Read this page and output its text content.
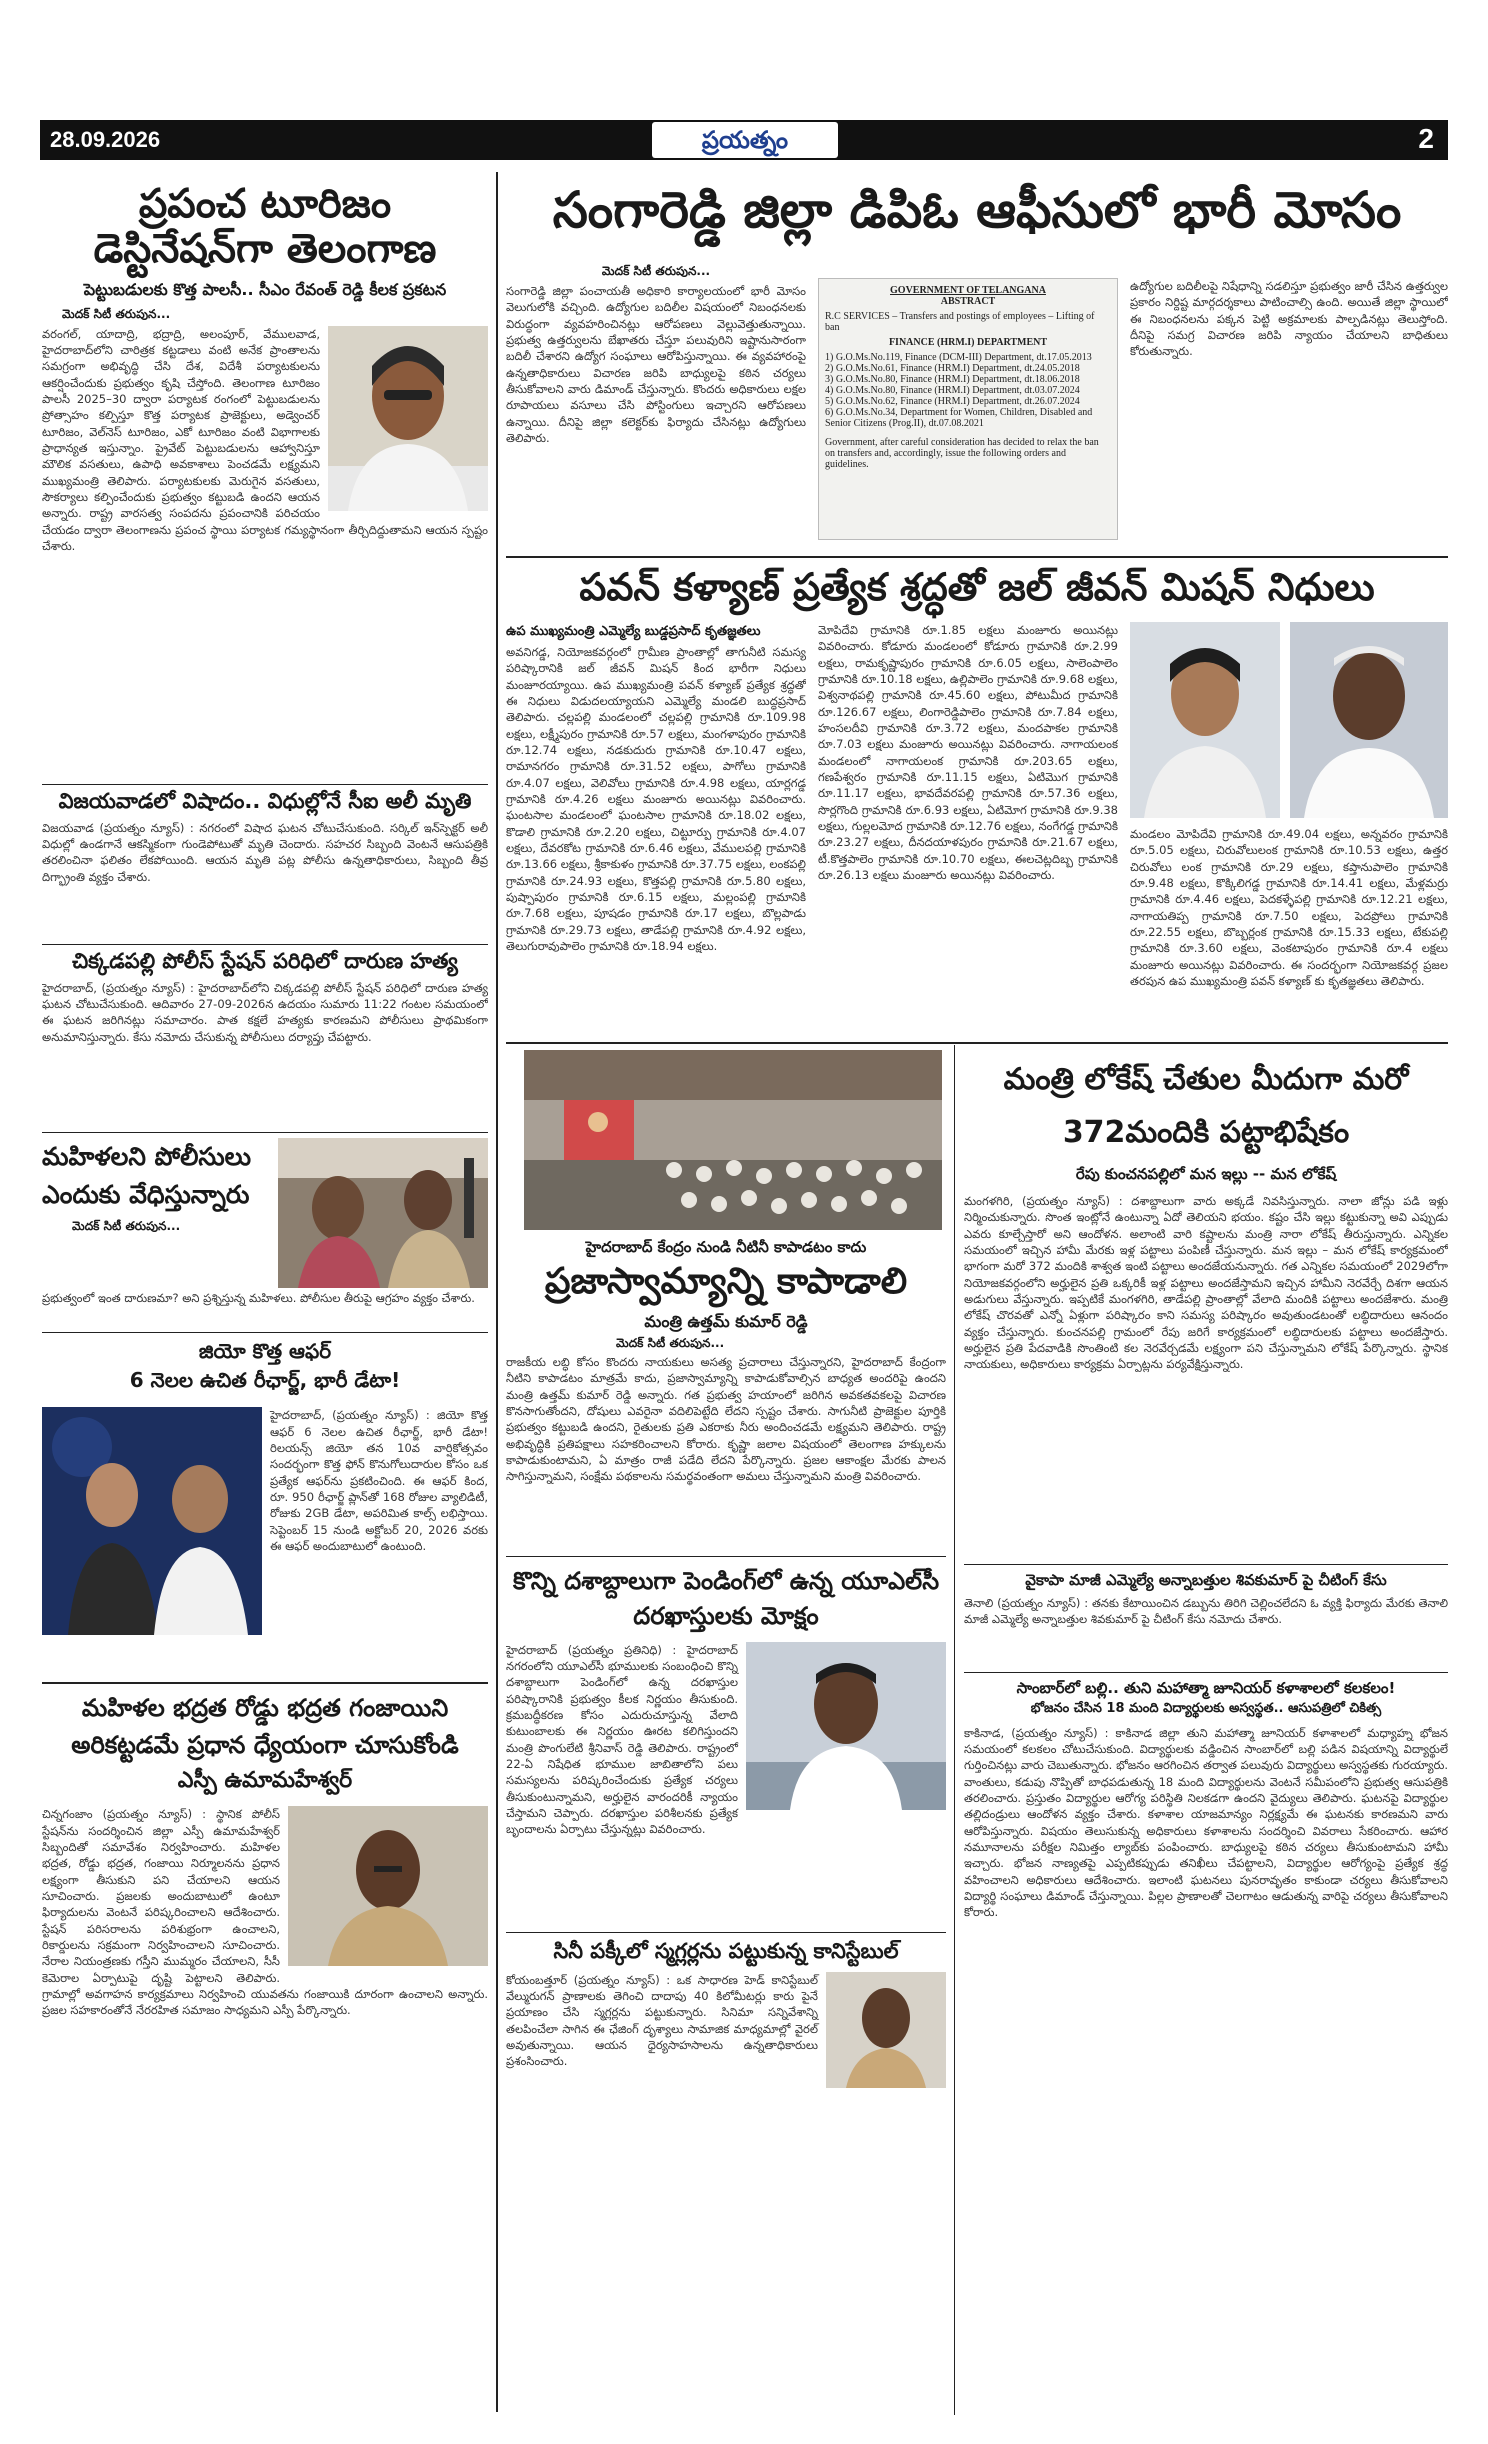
28.09.2026	ప్రయత్నం	2
ప్రపంచ టూరిజం డెస్టినేషన్‌గా తెలంగాణ

పెట్టుబడులకు కొత్త పాలసీ.. సీఎం రేవంత్ రెడ్డి కీలక ప్రకటన

మెదక్ సిటీ తరుపున...

వరంగల్, యాదాద్రి, భద్రాద్రి, అలంపూర్, వేములవాడ, హైదరాబాద్‌లోని చారిత్రక కట్టడాలు వంటి అనేక ప్రాంతాలను సమగ్రంగా అభివృద్ధి చేసి దేశ, విదేశీ పర్యాటకులను ఆకర్షించేందుకు ప్రభుత్వం కృషి చేస్తోంది. తెలంగాణ టూరిజం పాలసీ 2025–30 ద్వారా పర్యాటక రంగంలో పెట్టుబడులను ప్రోత్సాహం కల్పిస్తూ కొత్త పర్యాటక ప్రాజెక్టులు, అడ్వెంచర్ టూరిజం, వెల్‌నెస్ టూరిజం, ఎకో టూరిజం వంటి విభాగాలకు ప్రాధాన్యత ఇస్తున్నాం. ప్రైవేట్ పెట్టుబడులను ఆహ్వానిస్తూ మౌలిక వసతులు, ఉపాధి అవకాశాలు పెంచడమే లక్ష్యమని ముఖ్యమంత్రి తెలిపారు. పర్యాటకులకు మెరుగైన వసతులు, సౌకర్యాలు కల్పించేందుకు ప్రభుత్వం కట్టుబడి ఉందని ఆయన అన్నారు. రాష్ట్ర వారసత్వ సంపదను ప్రపంచానికి పరిచయం చేయడం ద్వారా తెలంగాణను ప్రపంచ స్థాయి పర్యాటక గమ్యస్థానంగా తీర్చిదిద్దుతామని ఆయన స్పష్టం చేశారు.

విజయవాడలో విషాదం.. విధుల్లోనే సీఐ అలీ మృతి

విజయవాడ (ప్రయత్నం న్యూస్) : నగరంలో విషాద ఘటన చోటుచేసుకుంది. సర్కిల్ ఇన్‌స్పెక్టర్ అలీ విధుల్లో ఉండగానే ఆకస్మికంగా గుండెపోటుతో మృతి చెందారు. సహచర సిబ్బంది వెంటనే ఆసుపత్రికి తరలించినా ఫలితం లేకపోయింది. ఆయన మృతి పట్ల పోలీసు ఉన్నతాధికారులు, సిబ్బంది తీవ్ర దిగ్భ్రాంతి వ్యక్తం చేశారు.

చిక్కడపల్లి పోలీస్ స్టేషన్ పరిధిలో దారుణ హత్య

హైదరాబాద్, (ప్రయత్నం న్యూస్) : హైదరాబాద్‌లోని చిక్కడపల్లి పోలీస్ స్టేషన్ పరిధిలో దారుణ హత్య ఘటన చోటుచేసుకుంది. ఆదివారం 27-09-2026న ఉదయం సుమారు 11:22 గంటల సమయంలో ఈ ఘటన జరిగినట్లు సమాచారం. పాత కక్షలే హత్యకు కారణమని పోలీసులు ప్రాథమికంగా అనుమానిస్తున్నారు. కేసు నమోదు చేసుకున్న పోలీసులు దర్యాప్తు చేపట్టారు.

మహిళలని పోలీసులు ఎందుకు వేధిస్తున్నారు

మెదక్ సిటీ తరుపున...

ప్రభుత్వంలో ఇంత దారుణమా? అని ప్రశ్నిస్తున్న మహిళలు. పోలీసుల తీరుపై ఆగ్రహం వ్యక్తం చేశారు.

జియో కొత్త ఆఫర్

6 నెలల ఉచిత రీఛార్జ్, భారీ డేటా!

హైదరాబాద్, (ప్రయత్నం న్యూస్) : జియో కొత్త ఆఫర్ 6 నెలల ఉచిత రీఛార్జ్, భారీ డేటా! రిలయన్స్ జియో తన 10వ వార్షికోత్సవం సందర్భంగా కొత్త ఫోన్ కొనుగోలుదారుల కోసం ఒక ప్రత్యేక ఆఫర్‌ను ప్రకటించింది. ఈ ఆఫర్ కింద, రూ. 950 రీఛార్జ్ ప్లాన్‌తో 168 రోజుల వ్యాలిడిటీ, రోజుకు 2GB డేటా, అపరిమిత కాల్స్ లభిస్తాయి. సెప్టెంబర్ 15 నుండి అక్టోబర్ 20, 2026 వరకు ఈ ఆఫర్ అందుబాటులో ఉంటుంది.

మహిళల భద్రత రోడ్డు భద్రత గంజాయిని అరికట్టడమే ప్రధాన ధ్యేయంగా చూసుకోండి

ఎస్పీ ఉమామహేశ్వర్

చిన్నగంజాం (ప్రయత్నం న్యూస్) : స్థానిక పోలీస్ స్టేషన్‌ను సందర్శించిన జిల్లా ఎస్పీ ఉమామహేశ్వర్ సిబ్బందితో సమావేశం నిర్వహించారు. మహిళల భద్రత, రోడ్డు భద్రత, గంజాయి నిర్మూలనను ప్రధాన లక్ష్యంగా తీసుకుని పని చేయాలని ఆయన సూచించారు. ప్రజలకు అందుబాటులో ఉంటూ ఫిర్యాదులను వెంటనే పరిష్కరించాలని ఆదేశించారు. స్టేషన్ పరిసరాలను పరిశుభ్రంగా ఉంచాలని, రికార్డులను సక్రమంగా నిర్వహించాలని సూచించారు. నేరాల నియంత్రణకు గస్తీని ముమ్మరం చేయాలని, సీసీ కెమెరాల ఏర్పాటుపై దృష్టి పెట్టాలని తెలిపారు. గ్రామాల్లో అవగాహన కార్యక్రమాలు నిర్వహించి యువతను గంజాయికి దూరంగా ఉంచాలని అన్నారు. ప్రజల సహకారంతోనే నేరరహిత సమాజం సాధ్యమని ఎస్పీ పేర్కొన్నారు.

సంగారెడ్డి జిల్లా డిపిఓ ఆఫీసులో భారీ మోసం

మెదక్ సిటీ తరుపున...

సంగారెడ్డి జిల్లా పంచాయతీ అధికారి కార్యాలయంలో భారీ మోసం వెలుగులోకి వచ్చింది. ఉద్యోగుల బదిలీల విషయంలో నిబంధనలకు విరుద్ధంగా వ్యవహరించినట్లు ఆరోపణలు వెల్లువెత్తుతున్నాయి. ప్రభుత్వ ఉత్తర్వులను బేఖాతరు చేస్తూ పలువురిని ఇష్టానుసారంగా బదిలీ చేశారని ఉద్యోగ సంఘాలు ఆరోపిస్తున్నాయి. ఈ వ్యవహారంపై ఉన్నతాధికారులు విచారణ జరిపి బాధ్యులపై కఠిన చర్యలు తీసుకోవాలని వారు డిమాండ్ చేస్తున్నారు. కొందరు అధికారులు లక్షల రూపాయలు వసూలు చేసి పోస్టింగులు ఇచ్చారని ఆరోపణలు ఉన్నాయి. దీనిపై జిల్లా కలెక్టర్‌కు ఫిర్యాదు చేసినట్లు ఉద్యోగులు తెలిపారు.

GOVERNMENT OF TELANGANA
ABSTRACT
R.C SERVICES – Transfers and postings of employees – Lifting of ban
FINANCE (HRM.I) DEPARTMENT
1) G.O.Ms.No.119, Finance (DCM-III) Department, dt.17.05.2013
2) G.O.Ms.No.61, Finance (HRM.I) Department, dt.24.05.2018
3) G.O.Ms.No.80, Finance (HRM.I) Department, dt.18.06.2018
4) G.O.Ms.No.80, Finance (HRM.I) Department, dt.03.07.2024
5) G.O.Ms.No.62, Finance (HRM.I) Department, dt.26.07.2024
6) G.O.Ms.No.34, Department for Women, Children, Disabled and Senior Citizens (Prog.II), dt.07.08.2021
Government, after careful consideration has decided to relax the ban on transfers and, accordingly, issue the following orders and guidelines.

ఉద్యోగుల బదిలీలపై నిషేధాన్ని సడలిస్తూ ప్రభుత్వం జారీ చేసిన ఉత్తర్వుల ప్రకారం నిర్దిష్ట మార్గదర్శకాలు పాటించాల్సి ఉంది. అయితే జిల్లా స్థాయిలో ఈ నిబంధనలను పక్కన పెట్టి అక్రమాలకు పాల్పడినట్లు తెలుస్తోంది. దీనిపై సమగ్ర విచారణ జరిపి న్యాయం చేయాలని బాధితులు కోరుతున్నారు.

పవన్ కళ్యాణ్ ప్రత్యేక శ్రద్ధతో జల్ జీవన్ మిషన్ నిధులు

ఉప ముఖ్యమంత్రి ఎమ్మెల్యే బుడ్డప్రసాద్ కృతజ్ఞతలు

అవనిగడ్డ, నియోజకవర్గంలో గ్రామీణ ప్రాంతాల్లో తాగునీటి సమస్య పరిష్కారానికి జల్ జీవన్ మిషన్ కింద భారీగా నిధులు మంజూరయ్యాయి. ఉప ముఖ్యమంత్రి పవన్ కళ్యాణ్ ప్రత్యేక శ్రద్ధతో ఈ నిధులు విడుదలయ్యాయని ఎమ్మెల్యే మండలి బుద్ధప్రసాద్ తెలిపారు. చల్లపల్లి మండలంలో చల్లపల్లి గ్రామానికి రూ.109.98 లక్షలు, లక్ష్మీపురం గ్రామానికి రూ.57 లక్షలు, మంగళాపురం గ్రామానికి రూ.12.74 లక్షలు, నడకుదురు గ్రామానికి రూ.10.47 లక్షలు, రామానగరం గ్రామానికి రూ.31.52 లక్షలు, పాగోలు గ్రామానికి రూ.4.07 లక్షలు, వెలివోలు గ్రామానికి రూ.4.98 లక్షలు, యార్లగడ్డ గ్రామానికి రూ.4.26 లక్షలు మంజూరు అయినట్లు వివరించారు. ఘంటసాల మండలంలో ఘంటసాల గ్రామానికి రూ.18.02 లక్షలు, కొడాలి గ్రామానికి రూ.2.20 లక్షలు, చిట్టూర్పు గ్రామానికి రూ.4.07 లక్షలు, దేవరకోట గ్రామానికి రూ.6.46 లక్షలు, వేములపల్లి గ్రామానికి రూ.13.66 లక్షలు, శ్రీకాకుళం గ్రామానికి రూ.37.75 లక్షలు, లంకపల్లి గ్రామానికి రూ.24.93 లక్షలు, కొత్తపల్లి గ్రామానికి రూ.5.80 లక్షలు, పుష్పాపురం గ్రామానికి రూ.6.15 లక్షలు, మల్లంపల్లి గ్రామానికి రూ.7.68 లక్షలు, పూషడం గ్రామానికి రూ.17 లక్షలు, బొల్లపాడు గ్రామానికి రూ.29.73 లక్షలు, తాడేపల్లి గ్రామానికి రూ.4.92 లక్షలు, తెలుగురావుపాలెం గ్రామానికి రూ.18.94 లక్షలు.

మోపిదేవి గ్రామానికి రూ.1.85 లక్షలు మంజూరు అయినట్లు వివరించారు. కోడూరు మండలంలో కోడూరు గ్రామానికి రూ.2.99 లక్షలు, రామకృష్ణాపురం గ్రామానికి రూ.6.05 లక్షలు, సాలెంపాలెం గ్రామానికి రూ.10.18 లక్షలు, ఉల్లిపాలెం గ్రామానికి రూ.9.68 లక్షలు, విశ్వనాథపల్లి గ్రామానికి రూ.45.60 లక్షలు, పోటుమీద గ్రామానికి రూ.126.67 లక్షలు, లింగారెడ్డిపాలెం గ్రామానికి రూ.7.84 లక్షలు, హంసలదీవి గ్రామానికి రూ.3.72 లక్షలు, మందపాకల గ్రామానికి రూ.7.03 లక్షలు మంజూరు అయినట్లు వివరించారు. నాగాయలంక మండలంలో నాగాయలంక గ్రామానికి రూ.203.65 లక్షలు, గణపేశ్వరం గ్రామానికి రూ.11.15 లక్షలు, ఏటిమొగ గ్రామానికి రూ.11.17 లక్షలు, భావదేవరపల్లి గ్రామానికి రూ.57.36 లక్షలు, సొర్లగొంది గ్రామానికి రూ.6.93 లక్షలు, ఏటిమోగ గ్రామానికి రూ.9.38 లక్షలు, గుల్లలమోద గ్రామానికి రూ.12.76 లక్షలు, నంగేగడ్డ గ్రామానికి రూ.23.27 లక్షలు, దీనదయాళపురం గ్రామానికి రూ.21.67 లక్షలు, టీ.కొత్తపాలెం గ్రామానికి రూ.10.70 లక్షలు, ఈలచెట్లదిబ్బ గ్రామానికి రూ.26.13 లక్షలు మంజూరు అయినట్లు వివరించారు.

మండలం మోపిదేవి గ్రామానికి రూ.49.04 లక్షలు, అన్నవరం గ్రామానికి రూ.5.05 లక్షలు, చిరువోలులంక గ్రామానికి రూ.10.53 లక్షలు, ఉత్తర చిరువోలు లంక గ్రామానికి రూ.29 లక్షలు, కప్తానుపాలెం గ్రామానికి రూ.9.48 లక్షలు, కొక్కిలిగడ్డ గ్రామానికి రూ.14.41 లక్షలు, మేళ్లమర్రు గ్రామానికి రూ.4.46 లక్షలు, పెదకళ్ళేపల్లి గ్రామానికి రూ.12.21 లక్షలు, నాగాయతిప్ప గ్రామానికి రూ.7.50 లక్షలు, పెదప్రోలు గ్రామానికి రూ.22.55 లక్షలు, బొబ్బర్లంక గ్రామానికి రూ.15.33 లక్షలు, టేకుపల్లి గ్రామానికి రూ.3.60 లక్షలు, వెంకటాపురం గ్రామానికి రూ.4 లక్షలు మంజూరు అయినట్లు వివరించారు. ఈ సందర్భంగా నియోజకవర్గ ప్రజల తరపున ఉప ముఖ్యమంత్రి పవన్ కళ్యాణ్ కు కృతజ్ఞతలు తెలిపారు.

హైదరాబాద్ కేంద్రం నుండి నీటినీ కాపాడటం కాదు

ప్రజాస్వామ్యాన్ని కాపాడాలి

మంత్రి ఉత్తమ్ కుమార్ రెడ్డి

మెదక్ సిటీ తరుపున...

రాజకీయ లబ్ధి కోసం కొందరు నాయకులు అసత్య ప్రచారాలు చేస్తున్నారని, హైదరాబాద్ కేంద్రంగా నీటిని కాపాడటం మాత్రమే కాదు, ప్రజాస్వామ్యాన్ని కాపాడుకోవాల్సిన బాధ్యత అందరిపై ఉందని మంత్రి ఉత్తమ్ కుమార్ రెడ్డి అన్నారు. గత ప్రభుత్వ హయాంలో జరిగిన అవకతవకలపై విచారణ కొనసాగుతోందని, దోషులు ఎవరైనా వదిలిపెట్టేది లేదని స్పష్టం చేశారు. సాగునీటి ప్రాజెక్టుల పూర్తికి ప్రభుత్వం కట్టుబడి ఉందని, రైతులకు ప్రతి ఎకరాకు నీరు అందించడమే లక్ష్యమని తెలిపారు. రాష్ట్ర అభివృద్ధికి ప్రతిపక్షాలు సహకరించాలని కోరారు. కృష్ణా జలాల విషయంలో తెలంగాణ హక్కులను కాపాడుకుంటామని, ఏ మాత్రం రాజీ పడేది లేదని పేర్కొన్నారు. ప్రజల ఆకాంక్షల మేరకు పాలన సాగిస్తున్నామని, సంక్షేమ పథకాలను సమర్థవంతంగా అమలు చేస్తున్నామని మంత్రి వివరించారు.

కొన్ని దశాబ్దాలుగా పెండింగ్‌లో ఉన్న యూఎల్‌సీ దరఖాస్తులకు మోక్షం

హైదరాబాద్ (ప్రయత్నం ప్రతినిధి) : హైదరాబాద్ నగరంలోని యూఎల్‌సీ భూములకు సంబంధించి కొన్ని దశాబ్దాలుగా పెండింగ్‌లో ఉన్న దరఖాస్తుల పరిష్కారానికి ప్రభుత్వం కీలక నిర్ణయం తీసుకుంది. క్రమబద్ధీకరణ కోసం ఎదురుచూస్తున్న వేలాది కుటుంబాలకు ఈ నిర్ణయం ఊరట కలిగిస్తుందని మంత్రి పొంగులేటి శ్రీనివాస్ రెడ్డి తెలిపారు. రాష్ట్రంలో 22-ఏ నిషేధిత భూముల జాబితాలోని పలు సమస్యలను పరిష్కరించేందుకు ప్రత్యేక చర్యలు తీసుకుంటున్నామని, అర్హులైన వారందరికీ న్యాయం చేస్తామని చెప్పారు. దరఖాస్తుల పరిశీలనకు ప్రత్యేక బృందాలను ఏర్పాటు చేస్తున్నట్లు వివరించారు.

సినీ పక్కీలో స్మగ్లర్లను పట్టుకున్న కానిస్టేబుల్

కోయంబత్తూర్ (ప్రయత్నం న్యూస్) : ఒక సాధారణ హెడ్ కానిస్టేబుల్ వేల్మురుగన్ ప్రాణాలకు తెగించి దాదాపు 40 కిలోమీటర్లు కారు పైనే ప్రయాణం చేసి స్మగ్లర్లను పట్టుకున్నారు. సినిమా సన్నివేశాన్ని తలపించేలా సాగిన ఈ ఛేజింగ్ దృశ్యాలు సామాజిక మాధ్యమాల్లో వైరల్ అవుతున్నాయి. ఆయన ధైర్యసాహసాలను ఉన్నతాధికారులు ప్రశంసించారు.

మంత్రి లోకేష్ చేతుల మీదుగా మరో 372మందికి పట్టాభిషేకం

రేపు కుంచనపల్లిలో మన ఇల్లు -- మన లోకేష్

మంగళగిరి, (ప్రయత్నం న్యూస్) : దశాబ్దాలుగా వారు అక్కడే నివసిస్తున్నారు. నాలా జోన్లు పడి ఇళ్లు నిర్మించుకున్నారు. సొంత ఇంట్లోనే ఉంటున్నా ఏదో తెలియని భయం. కష్టం చేసి ఇల్లు కట్టుకున్నా అవి ఎప్పుడు ఎవరు కూల్చేస్తారో అని ఆందోళన. అలాంటి వారి కష్టాలను మంత్రి నారా లోకేష్ తీరుస్తున్నారు. ఎన్నికల సమయంలో ఇచ్చిన హామీ మేరకు ఇళ్ల పట్టాలు పంపిణీ చేస్తున్నారు. మన ఇల్లు – మన లోకేష్ కార్యక్రమంలో భాగంగా మరో 372 మందికి శాశ్వత ఇంటి పట్టాలు అందజేయనున్నారు. గత ఎన్నికల సమయంలో 2029లోగా నియోజకవర్గంలోని అర్హులైన ప్రతి ఒక్కరికీ ఇళ్ల పట్టాలు అందజేస్తామని ఇచ్చిన హామీని నెరవేర్చే దిశగా ఆయన అడుగులు వేస్తున్నారు. ఇప్పటికే మంగళగిరి, తాడేపల్లి ప్రాంతాల్లో వేలాది మందికి పట్టాలు అందజేశారు. మంత్రి లోకేష్ చొరవతో ఎన్నో ఏళ్లుగా పరిష్కారం కాని సమస్య పరిష్కారం అవుతుండటంతో లబ్ధిదారులు ఆనందం వ్యక్తం చేస్తున్నారు. కుంచనపల్లి గ్రామంలో రేపు జరిగే కార్యక్రమంలో లబ్ధిదారులకు పట్టాలు అందజేస్తారు. అర్హులైన ప్రతి పేదవాడికి సొంతింటి కల నెరవేర్చడమే లక్ష్యంగా పని చేస్తున్నామని లోకేష్ పేర్కొన్నారు. స్థానిక నాయకులు, అధికారులు కార్యక్రమ ఏర్పాట్లను పర్యవేక్షిస్తున్నారు.

వైకాపా మాజీ ఎమ్మెల్యే అన్నాబత్తుల శివకుమార్ పై చీటింగ్ కేసు

తెనాలి (ప్రయత్నం న్యూస్) : తనకు కేటాయించిన డబ్బును తిరిగి చెల్లించలేదని ఓ వ్యక్తి ఫిర్యాదు మేరకు తెనాలి మాజీ ఎమ్మెల్యే అన్నాబత్తుల శివకుమార్ పై చీటింగ్ కేసు నమోదు చేశారు.

సాంబార్‌లో బల్లి.. తుని మహాత్మా జూనియర్ కళాశాలలో కలకలం!

భోజనం చేసిన 18 మంది విద్యార్థులకు అస్వస్థత.. ఆసుపత్రిలో చికిత్స

కాకినాడ, (ప్రయత్నం న్యూస్) : కాకినాడ జిల్లా తుని మహాత్మా జూనియర్ కళాశాలలో మధ్యాహ్న భోజన సమయంలో కలకలం చోటుచేసుకుంది. విద్యార్థులకు వడ్డించిన సాంబార్‌లో బల్లి పడిన విషయాన్ని విద్యార్థులే గుర్తించినట్లు వారు చెబుతున్నారు. భోజనం ఆరగించిన తర్వాత పలువురు విద్యార్థులు అస్వస్థతకు గురయ్యారు. వాంతులు, కడుపు నొప్పితో బాధపడుతున్న 18 మంది విద్యార్థులను వెంటనే సమీపంలోని ప్రభుత్వ ఆసుపత్రికి తరలించారు. ప్రస్తుతం విద్యార్థుల ఆరోగ్య పరిస్థితి నిలకడగా ఉందని వైద్యులు తెలిపారు. ఘటనపై విద్యార్థుల తల్లిదండ్రులు ఆందోళన వ్యక్తం చేశారు. కళాశాల యాజమాన్యం నిర్లక్ష్యమే ఈ ఘటనకు కారణమని వారు ఆరోపిస్తున్నారు. విషయం తెలుసుకున్న అధికారులు కళాశాలను సందర్శించి వివరాలు సేకరించారు. ఆహార నమూనాలను పరీక్షల నిమిత్తం ల్యాబ్‌కు పంపించారు. బాధ్యులపై కఠిన చర్యలు తీసుకుంటామని హామీ ఇచ్చారు. భోజన నాణ్యతపై ఎప్పటికప్పుడు తనిఖీలు చేపట్టాలని, విద్యార్థుల ఆరోగ్యంపై ప్రత్యేక శ్రద్ధ వహించాలని అధికారులు ఆదేశించారు. ఇలాంటి ఘటనలు పునరావృతం కాకుండా చర్యలు తీసుకోవాలని విద్యార్థి సంఘాలు డిమాండ్ చేస్తున్నాయి. పిల్లల ప్రాణాలతో చెలగాటం ఆడుతున్న వారిపై చర్యలు తీసుకోవాలని కోరారు.
